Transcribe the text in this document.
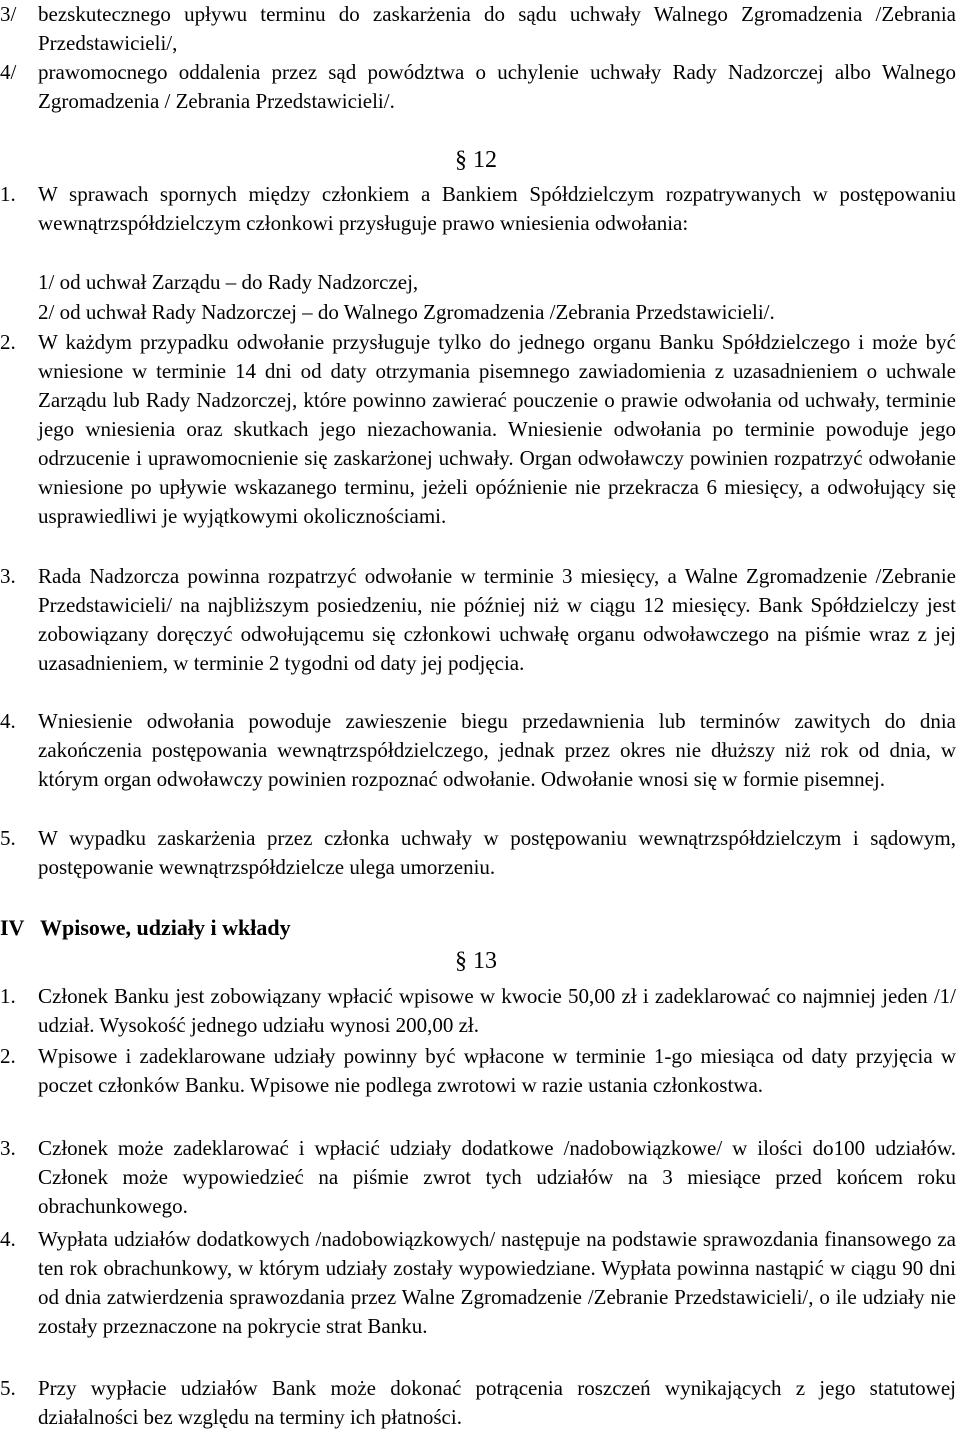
3/ bezskutecznego upływu terminu do zaskarżenia do sądu uchwały Walnego Zgromadzenia /Zebrania Przedstawicieli/,
4/ prawomocnego oddalenia przez sąd powództwa o uchylenie uchwały Rady Nadzorczej albo Walnego Zgromadzenia / Zebrania Przedstawicieli/.
§ 12
1. W sprawach spornych między członkiem a Bankiem Spółdzielczym rozpatrywanych w postępowaniu wewnątrzspółdzielczym członkowi przysługuje prawo wniesienia odwołania:
1/ od uchwał Zarządu – do Rady Nadzorczej,
2/ od uchwał Rady Nadzorczej – do Walnego Zgromadzenia /Zebrania Przedstawicieli/.
2. W każdym przypadku odwołanie przysługuje tylko do jednego organu Banku Spółdzielczego i może być wniesione w terminie 14 dni od daty otrzymania pisemnego zawiadomienia z uzasadnieniem o uchwale Zarządu lub Rady Nadzorczej, które powinno zawierać pouczenie o prawie odwołania od uchwały, terminie jego wniesienia oraz skutkach jego niezachowania. Wniesienie odwołania po terminie powoduje jego odrzucenie i uprawomocnienie się zaskarżonej uchwały. Organ odwoławczy powinien rozpatrzyć odwołanie wniesione po upływie wskazanego terminu, jeżeli opóźnienie nie przekracza 6 miesięcy, a odwołujący się usprawiedliwi je wyjątkowymi okolicznościami.
3. Rada Nadzorcza powinna rozpatrzyć odwołanie w terminie 3 miesięcy, a Walne Zgromadzenie /Zebranie Przedstawicieli/ na najbliższym posiedzeniu, nie później niż w ciągu 12 miesięcy. Bank Spółdzielczy jest zobowiązany doręczyć odwołującemu się członkowi uchwałę organu odwoławczego na piśmie wraz z jej uzasadnieniem, w terminie 2 tygodni od daty jej podjęcia.
4. Wniesienie odwołania powoduje zawieszenie biegu przedawnienia lub terminów zawitych do dnia zakończenia postępowania wewnątrzspółdzielczego, jednak przez okres nie dłuższy niż rok od dnia, w którym organ odwoławczy powinien rozpoznać odwołanie. Odwołanie wnosi się w formie pisemnej.
5. W wypadku zaskarżenia przez członka uchwały w postępowaniu wewnątrzspółdzielczym i sądowym, postępowanie wewnątrzspółdzielcze ulega umorzeniu.
IV Wpisowe, udziały i wkłady
§ 13
1. Członek Banku jest zobowiązany wpłacić wpisowe w kwocie 50,00 zł i zadeklarować co najmniej jeden /1/ udział. Wysokość jednego udziału wynosi 200,00 zł.
2. Wpisowe i zadeklarowane udziały powinny być wpłacone w terminie 1-go miesiąca od daty przyjęcia w poczet członków Banku. Wpisowe nie podlega zwrotowi w razie ustania członkostwa.
3. Członek może zadeklarować i wpłacić udziały dodatkowe /nadobowiązkowe/ w ilości do100 udziałów. Członek może wypowiedzieć na piśmie zwrot tych udziałów na 3 miesiące przed końcem roku obrachunkowego.
4. Wypłata udziałów dodatkowych /nadobowiązkowych/ następuje na podstawie sprawozdania finansowego za ten rok obrachunkowy, w którym udziały zostały wypowiedziane. Wypłata powinna nastąpić w ciągu 90 dni od dnia zatwierdzenia sprawozdania przez Walne Zgromadzenie /Zebranie Przedstawicieli/, o ile udziały nie zostały przeznaczone na pokrycie strat Banku.
5. Przy wypłacie udziałów Bank może dokonać potrącenia roszczeń wynikających z jego statutowej działalności bez względu na terminy ich płatności.
